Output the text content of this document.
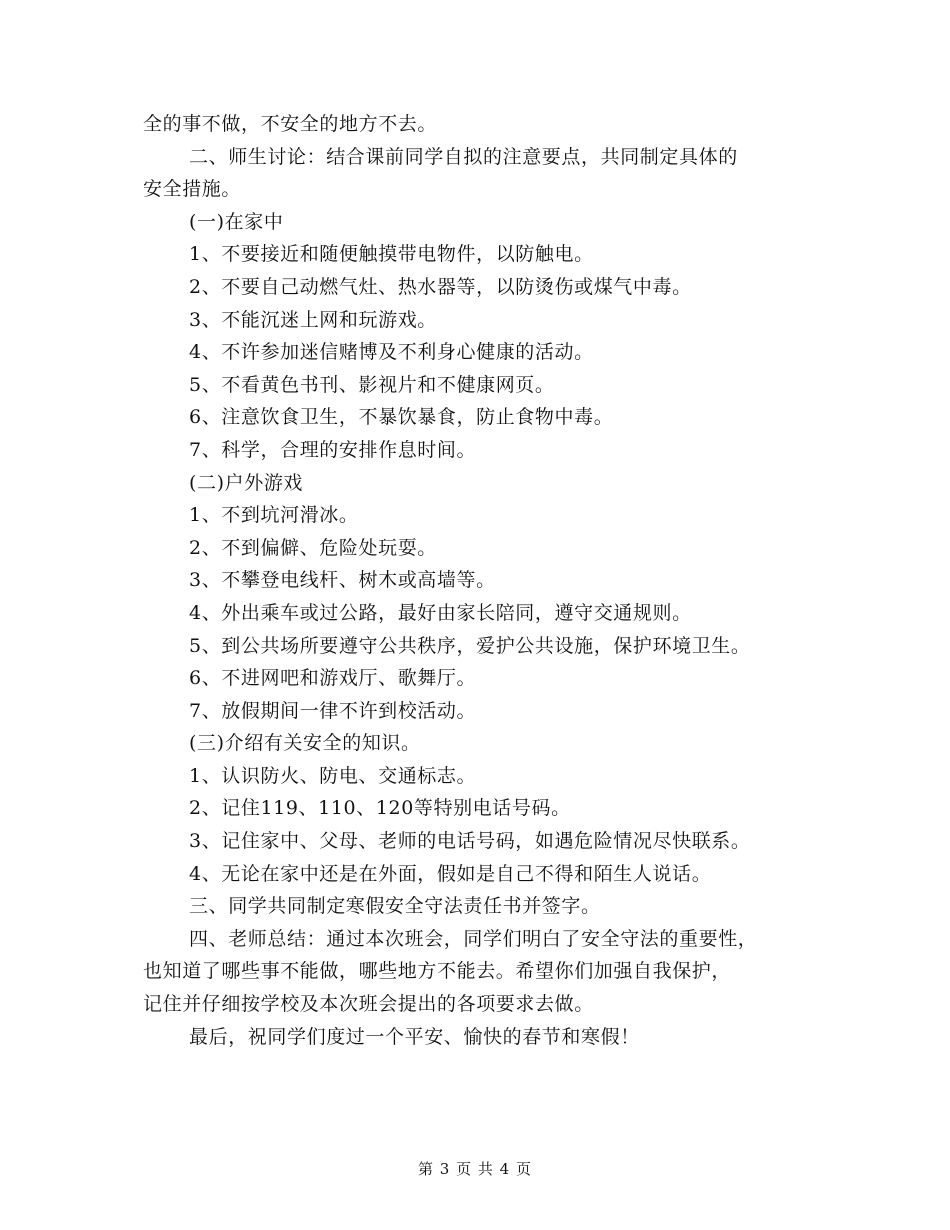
全的事不做，不安全的地方不去。
二、师生讨论：结合课前同学自拟的注意要点，共同制定具体的
安全措施。
(一)在家中
1、不要接近和随便触摸带电物件，以防触电。
2、不要自己动燃气灶、热水器等，以防烫伤或煤气中毒。
3、不能沉迷上网和玩游戏。
4、不许参加迷信赌博及不利身心健康的活动。
5、不看黄色书刊、影视片和不健康网页。
6、注意饮食卫生，不暴饮暴食，防止食物中毒。
7、科学，合理的安排作息时间。
(二)户外游戏
1、不到坑河滑冰。
2、不到偏僻、危险处玩耍。
3、不攀登电线杆、树木或高墙等。
4、外出乘车或过公路，最好由家长陪同，遵守交通规则。
5、到公共场所要遵守公共秩序，爱护公共设施，保护环境卫生。
6、不进网吧和游戏厅、歌舞厅。
7、放假期间一律不许到校活动。
(三)介绍有关安全的知识。
1、认识防火、防电、交通标志。
2、记住119、110、120等特别电话号码。
3、记住家中、父母、老师的电话号码，如遇危险情况尽快联系。
4、无论在家中还是在外面，假如是自己不得和陌生人说话。
三、同学共同制定寒假安全守法责任书并签字。
四、老师总结：通过本次班会，同学们明白了安全守法的重要性，
也知道了哪些事不能做，哪些地方不能去。希望你们加强自我保护，
记住并仔细按学校及本次班会提出的各项要求去做。
最后，祝同学们度过一个平安、愉快的春节和寒假！
第 3 页 共 4 页
